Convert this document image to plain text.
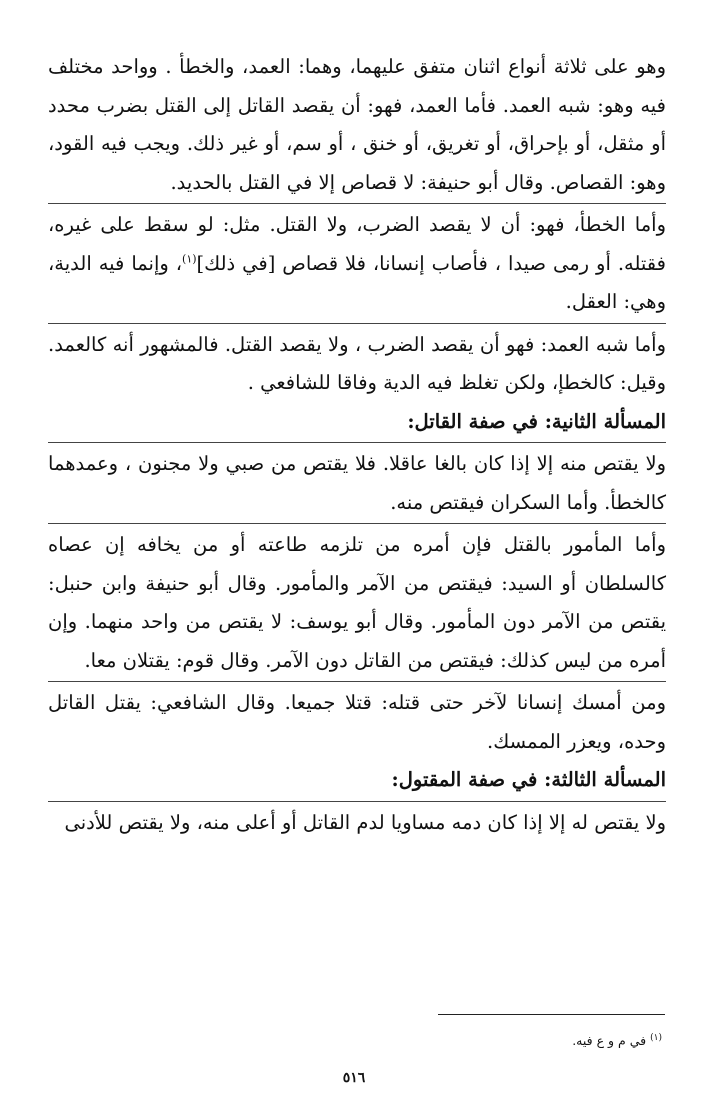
وهو على ثلاثة أنواع اثنان متفق عليهما، وهما: العمد، والخطأ . وواحد مختلف فيه وهو: شبه العمد. فأما العمد، فهو: أن يقصد القاتل إلى القتل بضرب محدد أو مثقل، أو بإحراق، أو تغريق، أو خنق ، أو سم، أو غير ذلك. ويجب فيه القود، وهو: القصاص. وقال أبو حنيفة: لا قصاص إلا في القتل بالحديد.

وأما الخطأ، فهو: أن لا يقصد الضرب، ولا القتل. مثل: لو سقط على غيره، فقتله. أو رمى صيدا ، فأصاب إنسانا، فلا قصاص [في ذلك]$^{(١)}$، وإنما فيه الدية، وهي: العقل.

وأما شبه العمد: فهو أن يقصد الضرب ، ولا يقصد القتل. فالمشهور أنه كالعمد. وقيل: كالخطإ، ولكن تغلظ فيه الدية وفاقا للشافعي .

المسألة الثانية: في صفة القاتل:

ولا يقتص منه إلا إذا كان بالغا عاقلا. فلا يقتص من صبي ولا مجنون ، وعمدهما كالخطأ. وأما السكران فيقتص منه.

وأما المأمور بالقتل فإن أمره من تلزمه طاعته أو من يخافه إن عصاه كالسلطان أو السيد: فيقتص من الآمر والمأمور. وقال أبو حنيفة وابن حنبل: يقتص من الآمر دون المأمور. وقال أبو يوسف: لا يقتص من واحد منهما. وإن أمره من ليس كذلك: فيقتص من القاتل دون الآمر. وقال قوم: يقتلان معا.

ومن أمسك إنسانا لآخر حتى قتله: قتلا جميعا. وقال الشافعي: يقتل القاتل وحده، ويعزر الممسك.

المسألة الثالثة: في صفة المقتول:

ولا يقتص له إلا إذا كان دمه مساويا لدم القاتل أو أعلى منه، ولا يقتص للأدنى

$^{(١)}$ في م و ع فيه.
٥١٦
